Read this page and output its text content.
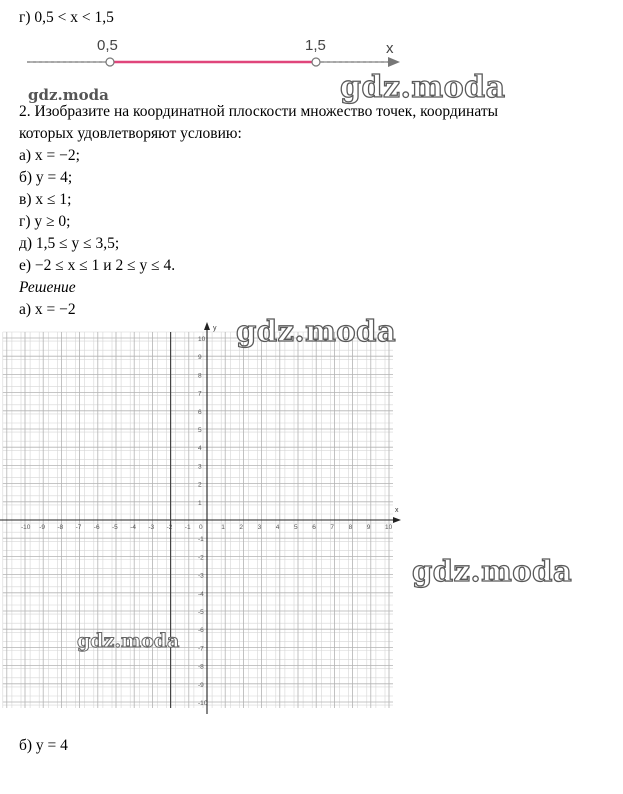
г) 0,5 < x < 1,5
0,5	1,5	x
gdz.moda	gdz.moda
2. Изобразите на координатной плоскости множество точек, координаты
которых удовлетворяют условию:
а) x = −2;
б) y = 4;
в) x ≤ 1;
г) y ≥ 0;
д) 1,5 ≤ y ≤ 3,5;
е) −2 ≤ x ≤ 1 и 2 ≤ y ≤ 4.
Решение
а) x = −2
x
y
-10
-10
-9
-9
-8
-8
-7
-7
-6
-6
-5
-5
-4
-4
-3
-3
-2
-2
-1
-1
1
1
2
2
3
3
4
4
5
5
6
6
7
7
8
8
9
9
10
10
0
gdz.moda
gdz.moda
gdz.moda
б) y = 4
